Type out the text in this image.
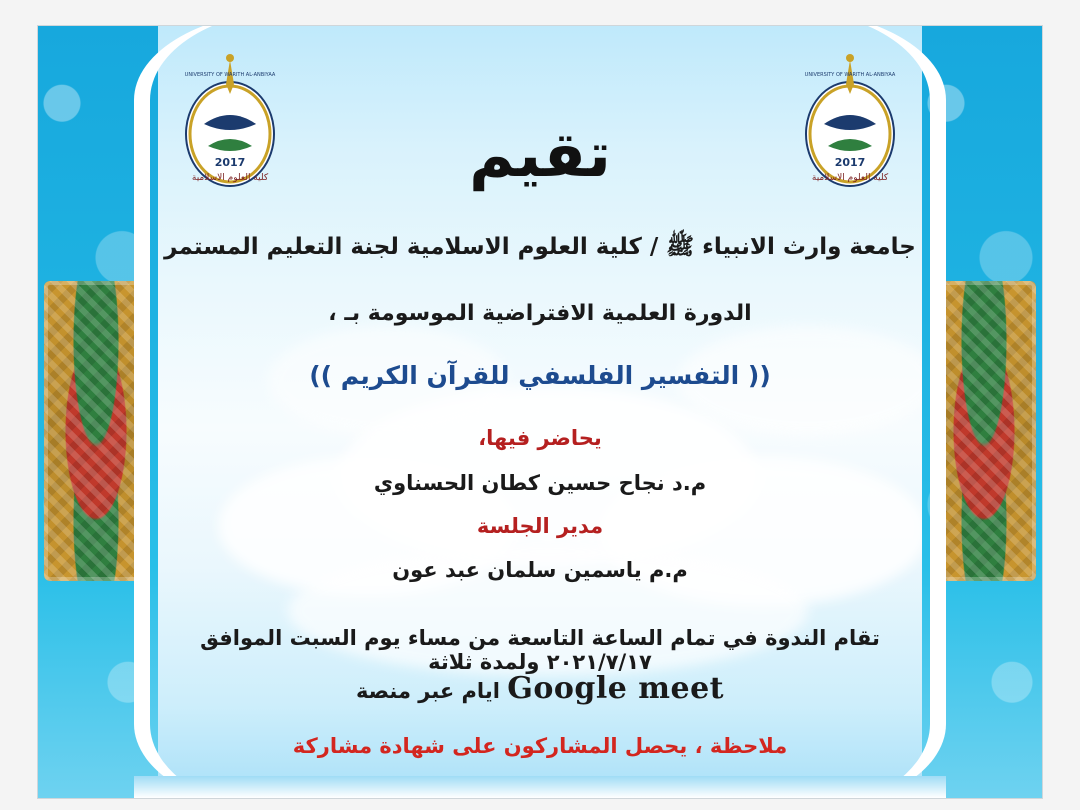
2017
كلية العلوم الاسلامية
UNIVERSITY OF WARITH AL-ANBIYAA
2017
كلية العلوم الاسلامية
UNIVERSITY OF WARITH AL-ANBIYAA
تقيم
جامعة وارث الانبياء ﷺ / كلية العلوم الاسلامية لجنة التعليم المستمر
الدورة العلمية الافتراضية الموسومة بـ ،
(( التفسير الفلسفي للقرآن الكريم ))
يحاضر فيها،
م.د نجاح حسين كطان الحسناوي
مدير الجلسة
م.م ياسمين سلمان عبد عون
تقام الندوة في تمام الساعة التاسعة من مساء يوم السبت الموافق ٢٠٢١/٧/١٧ ولمدة ثلاثة
Google meet ايام عبر منصة
ملاحظة ، يحصل المشاركون على شهادة مشاركة
